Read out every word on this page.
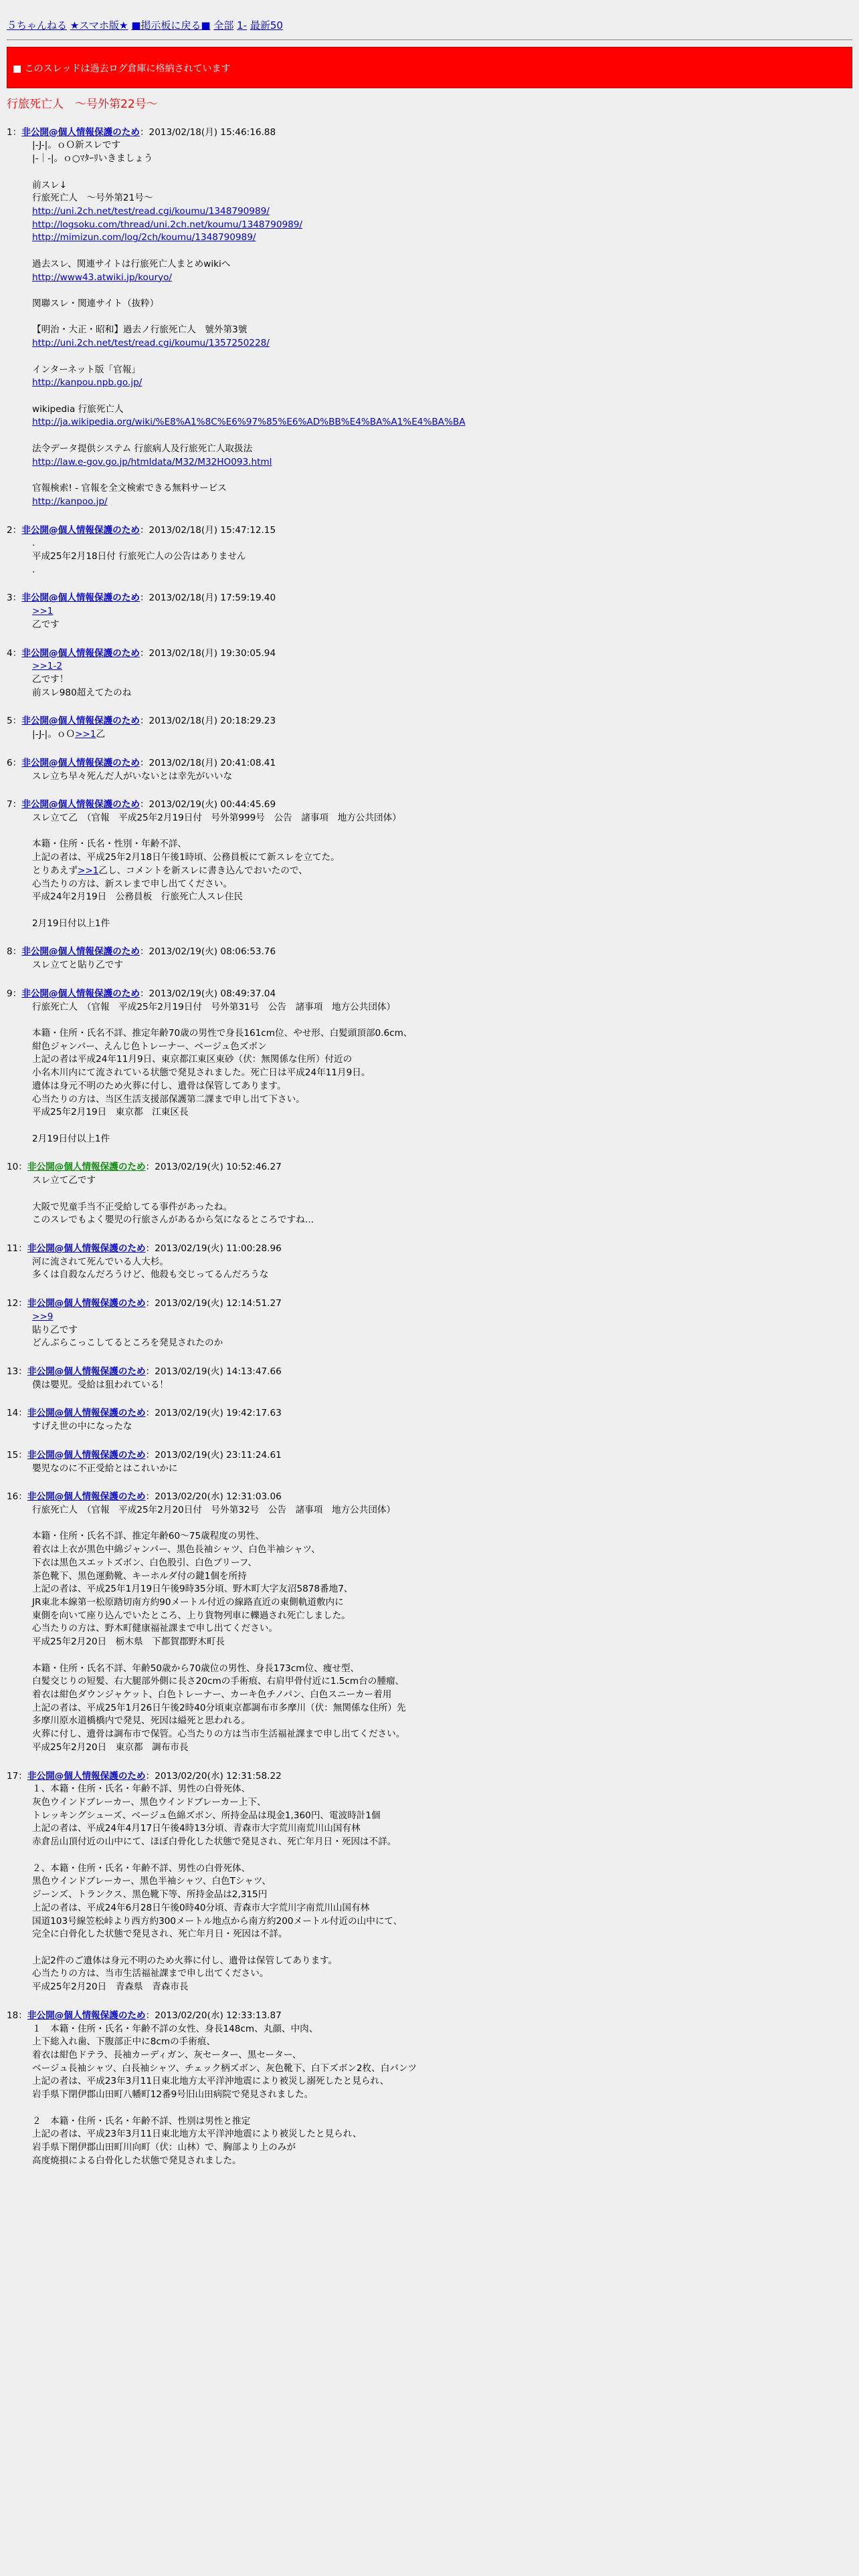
５ちゃんねる ★スマホ版★ ■掲示板に戻る■ 全部 1- 最新50
■ このスレッドは過去ログ倉庫に格納されています
行旅死亡人　〜号外第22号〜
1：非公開@個人情報保護のため：2013/02/18(月) 15:46:16.88
|-J-|。ｏＯ新スレです
|-｜-|。ｏ○ﾏﾀｰﾘいきましょう
前スレ↓
行旅死亡人　〜号外第21号〜
http://uni.2ch.net/test/read.cgi/koumu/1348790989/
http://logsoku.com/thread/uni.2ch.net/koumu/1348790989/
http://mimizun.com/log/2ch/koumu/1348790989/
過去スレ、関連サイトは行旅死亡人まとめwikiへ
http://www43.atwiki.jp/kouryo/
関聯スレ・関連サイト（抜粋）
【明治・大正・昭和】過去ノ行旅死亡人　號外第3號
http://uni.2ch.net/test/read.cgi/koumu/1357250228/
インターネット版「官報」
http://kanpou.npb.go.jp/
wikipedia 行旅死亡人
http://ja.wikipedia.org/wiki/%E8%A1%8C%E6%97%85%E6%AD%BB%E4%BA%A1%E4%BA%BA
法令データ提供システム 行旅病人及行旅死亡人取扱法
http://law.e-gov.go.jp/htmldata/M32/M32HO093.html
官報検索! - 官報を全文検索できる無料サービス
http://kanpoo.jp/
2：非公開@個人情報保護のため：2013/02/18(月) 15:47:12.15
.
平成25年2月18日付 行旅死亡人の公告はありません
.
3：非公開@個人情報保護のため：2013/02/18(月) 17:59:19.40
>>1
乙です
4：非公開@個人情報保護のため：2013/02/18(月) 19:30:05.94
>>1-2
乙です！
前スレ980超えてたのね
5：非公開@個人情報保護のため：2013/02/18(月) 20:18:29.23
|-J-|。ｏＯ>>1乙
6：非公開@個人情報保護のため：2013/02/18(月) 20:41:08.41
スレ立ち早々死んだ人がいないとは幸先がいいな
7：非公開@個人情報保護のため：2013/02/19(火) 00:44:45.69
スレ立て乙　（官報　平成25年2月19日付　号外第999号　公告　諸事項　地方公共団体）
本籍・住所・氏名・性別・年齢不詳、
上記の者は、平成25年2月18日午後1時頃、公務員板にて新スレを立てた。
とりあえず>>1乙し、コメントを新スレに書き込んでおいたので、
心当たりの方は、新スレまで申し出てください。
平成24年2月19日　公務員板　行旅死亡人スレ住民
2月19日付以上1件
8：非公開@個人情報保護のため：2013/02/19(火) 08:06:53.76
スレ立てと貼り乙です
9：非公開@個人情報保護のため：2013/02/19(火) 08:49:37.04
行旅死亡人　（官報　平成25年2月19日付　号外第31号　公告　諸事項　地方公共団体）
本籍・住所・氏名不詳、推定年齢70歳の男性で身長161cm位、やせ形、白髪頭頂部0.6cm、
紺色ジャンパー、えんじ色トレーナー、ベージュ色ズボン
上記の者は平成24年11月9日、東京都江東区東砂（伏：無関係な住所）付近の
小名木川内にて流されている状態で発見されました。死亡日は平成24年11月9日。
遺体は身元不明のため火葬に付し、遺骨は保管してあります。
心当たりの方は、当区生活支援部保護第二課まで申し出て下さい。
平成25年2月19日　東京都　江東区長
2月19日付以上1件
10：非公開@個人情報保護のため：2013/02/19(火) 10:52:46.27
スレ立て乙です
大阪で児童手当不正受給してる事件があったね。
このスレでもよく嬰児の行旅さんがあるから気になるところですね…
11：非公開@個人情報保護のため：2013/02/19(火) 11:00:28.96
河に流されて死んでいる人大杉。
多くは自殺なんだろうけど、他殺も交じってるんだろうな
12：非公開@個人情報保護のため：2013/02/19(火) 12:14:51.27
>>9
貼り乙です
どんぶらこっこしてるところを発見されたのか
13：非公開@個人情報保護のため：2013/02/19(火) 14:13:47.66
僕は嬰児。受給は狙われている！
14：非公開@個人情報保護のため：2013/02/19(火) 19:42:17.63
すげえ世の中になったな
15：非公開@個人情報保護のため：2013/02/19(火) 23:11:24.61
嬰児なのに不正受給とはこれいかに
16：非公開@個人情報保護のため：2013/02/20(水) 12:31:03.06
行旅死亡人　（官報　平成25年2月20日付　号外第32号　公告　諸事項　地方公共団体）
本籍・住所・氏名不詳、推定年齢60〜75歳程度の男性、
着衣は上衣が黒色中綿ジャンパー、黒色長袖シャツ、白色半袖シャツ、
下衣は黒色スエットズボン、白色股引、白色ブリーフ、
茶色靴下、黒色運動靴、キーホルダ付の鍵1個を所持
上記の者は、平成25年1月19日午後9時35分頃、野木町大字友沼5878番地7、
JR東北本線第一松原踏切南方約90メートル付近の線路直近の東側軌道敷内に
東側を向いて座り込んでいたところ、上り貨物列車に轢過され死亡しました。
心当たりの方は、野木町健康福祉課まで申し出てください。
平成25年2月20日　栃木県　下都賀郡野木町長
本籍・住所・氏名不詳、年齢50歳から70歳位の男性、身長173cm位、痩せ型、
白髪交じりの短髪、右大腿部外側に長さ20cmの手術痕、右肩甲骨付近に1.5cm台の腫瘤、
着衣は紺色ダウンジャケット、白色トレーナー、カーキ色チノパン、白色スニーカー着用
上記の者は、平成25年1月26日午後2時40分頃東京都調布市多摩川（伏：無関係な住所）先
多摩川原水道橋橋内で発見、死因は縊死と思われる。
火葬に付し、遺骨は調布市で保管。心当たりの方は当市生活福祉課まで申し出てください。
平成25年2月20日　東京都　調布市長
17：非公開@個人情報保護のため：2013/02/20(水) 12:31:58.22
１、本籍・住所・氏名・年齢不詳、男性の白骨死体、
灰色ウインドブレーカー、黒色ウインドブレーカー上下、
トレッキングシューズ、ベージュ色綿ズボン、所持金品は現金1,360円、電波時計1個
上記の者は、平成24年4月17日午後4時13分頃、青森市大字荒川南荒川山国有林
赤倉岳山頂付近の山中にて、ほぼ白骨化した状態で発見され、死亡年月日・死因は不詳。
２、本籍・住所・氏名・年齢不詳、男性の白骨死体、
黒色ウインドブレーカー、黒色半袖シャツ、白色Tシャツ、
ジーンズ、トランクス、黒色靴下等、所持金品は2,315円
上記の者は、平成24年6月28日午後0時40分頃、青森市大字荒川字南荒川山国有林
国道103号線笠松峠より西方約300メートル地点から南方約200メートル付近の山中にて、
完全に白骨化した状態で発見され、死亡年月日・死因は不詳。
上記2件のご遺体は身元不明のため火葬に付し、遺骨は保管してあります。
心当たりの方は、当市生活福祉課まで申し出てください。
平成25年2月20日　青森県　青森市長
18：非公開@個人情報保護のため：2013/02/20(水) 12:33:13.87
１　本籍・住所・氏名・年齢不詳の女性、身長148cm、丸顔、中肉、
上下総入れ歯、下腹部正中に8cmの手術痕、
着衣は紺色ドテラ、長袖カーディガン、灰セーター、黒セーター、
ベージュ長袖シャツ、白長袖シャツ、チェック柄ズボン、灰色靴下、白下ズボン2枚、白パンツ
上記の者は、平成23年3月11日東北地方太平洋沖地震により被災し溺死したと見られ、
岩手県下閉伊郡山田町八幡町12番9号旧山田病院で発見されました。
２　本籍・住所・氏名・年齢不詳、性別は男性と推定
上記の者は、平成23年3月11日東北地方太平洋沖地震により被災したと見られ、
岩手県下閉伊郡山田町川向町（伏：山林）で、胸部より上のみが
高度焼損による白骨化した状態で発見されました。
